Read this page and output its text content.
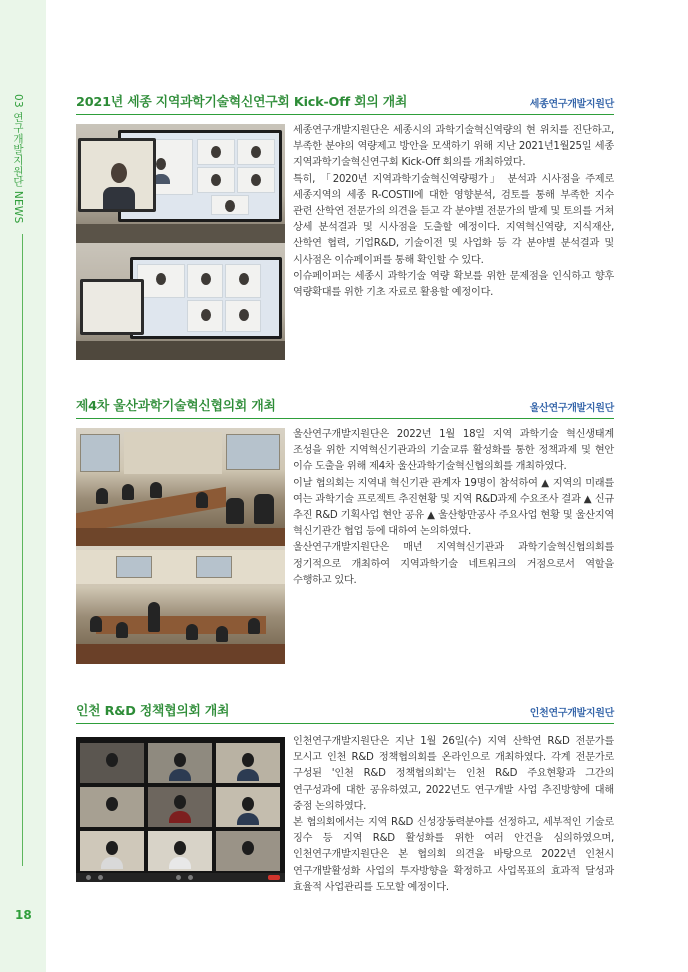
03 연구개발지원단 NEWS
18
2021년 세종 지역과학기술혁신연구회 Kick-Off 회의 개최	세종연구개발지원단

세종연구개발지원단은 세종시의 과학기술혁신역량의 현 위치를 진단하고, 부족한 분야의 역량제고 방안을 모색하기 위해 지난 2021년1월25일 세종 지역과학기술혁신연구회 Kick-Off 회의를 개최하였다.
특히, 「2020년 지역과학기술혁신역량평가」 분석과 시사점을 주제로 세종지역의 세종 R-COSTII에 대한 영향분석, 검토를 통해 부족한 지수 관련 산학연 전문가의 의견을 듣고 각 분야별 전문가의 발제 및 토의를 거쳐 상세 분석결과 및 시사점을 도출할 예정이다. 지역혁신역량, 지식재산, 산학연 협력, 기업R&D, 기술이전 및 사업화 등 각 분야별 분석결과 및 시사점은 이슈페이퍼를 통해 확인할 수 있다.
이슈페이퍼는 세종시 과학기술 역량 확보를 위한 문제점을 인식하고 향후 역량확대를 위한 기초 자료로 활용할 예정이다.

제4차 울산과학기술혁신협의회 개최	울산연구개발지원단

울산연구개발지원단은 2022년 1월 18일 지역 과학기술 혁신생태계 조성을 위한 지역혁신기관과의 기술교류 활성화를 통한 정책과제 및 현안 이슈 도출을 위해 제4차 울산과학기술혁신협의회를 개최하였다.
이날 협의회는 지역내 혁신기관 관계자 19명이 참석하여 ▲ 지역의 미래를 여는 과학기술 프로젝트 추진현황 및 지역 R&D과제 수요조사 결과 ▲ 신규 추진 R&D 기획사업 현안 공유 ▲ 울산항만공사 주요사업 현황 및 울산지역 혁신기관간 협업 등에 대하여 논의하였다.
울산연구개발지원단은 매년 지역혁신기관과 과학기술혁신협의회를 정기적으로 개최하여 지역과학기술 네트워크의 거점으로서 역할을 수행하고 있다.

인천 R&D 정책협의회 개최	인천연구개발지원단

인천연구개발지원단은 지난 1월 26일(수) 지역 산학연 R&D 전문가를 모시고 인천 R&D 정책협의회를 온라인으로 개최하였다. 각계 전문가로 구성된 '인천 R&D 정책협의회'는 인천 R&D 주요현황과 그간의 연구성과에 대한 공유하였고, 2022년도 연구개발 사업 추진방향에 대해 중점 논의하였다.
본 협의회에서는 지역 R&D 신성장동력분야를 선정하고, 세부적인 기술로 징수 등 지역 R&D 활성화를 위한 여러 안건을 심의하였으며, 인천연구개발지원단은 본 협의회 의견을 바탕으로 2022년 인천시 연구개발활성화 사업의 투자방향을 확정하고 사업목표의 효과적 달성과 효율적 사업관리를 도모할 예정이다.
